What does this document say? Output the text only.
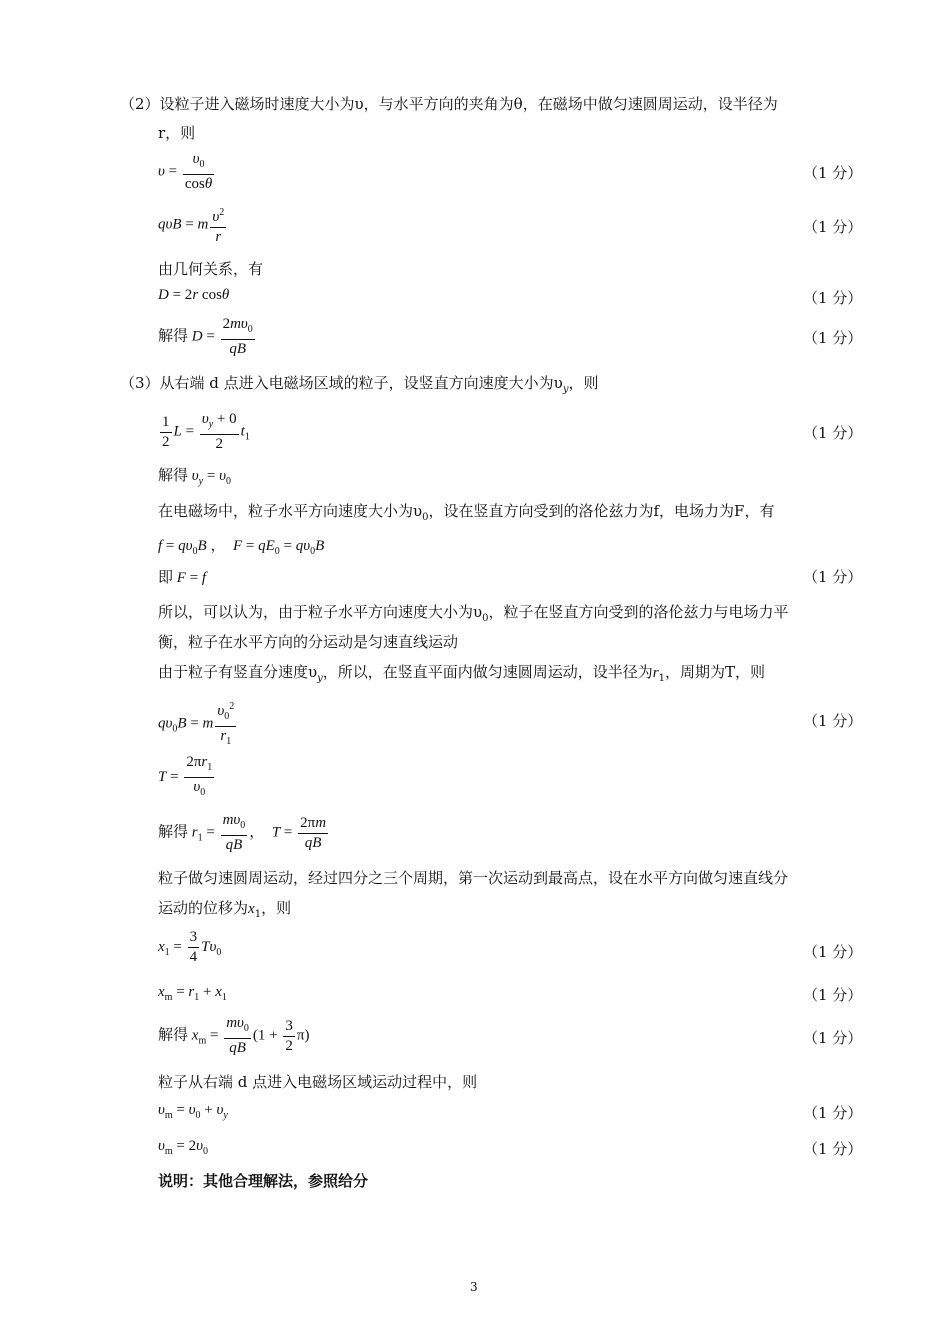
（2）设粒子进入磁场时速度大小为υ，与水平方向的夹角为θ，在磁场中做匀速圆周运动，设半径为
r，则
$\upsilon = \frac{\upsilon_0}{\cos\theta}$	（1 分）
qυB = m $\frac{\upsilon^2}{r}$	（1 分）
由几何关系，有
D = 2r cosθ	（1 分）
解得 $D = \frac{2m\upsilon_0}{qB}$	（1 分）
（3）从右端 d 点进入电磁场区域的粒子，设竖直方向速度大小为$\upsilon_y$，则
$\frac{1}{2}$ $L = \frac{\upsilon_y + 0}{2} t_1$	（1 分）
解得 $\upsilon_y = \upsilon_0$
在电磁场中，粒子水平方向速度大小为$\upsilon_0$，设在竖直方向受到的洛伦兹力为f，电场力为F，有
$f = q\upsilon_0B$ ，  $F = qE_0 = q\upsilon_0B$
即 F = f	（1 分）
所以，可以认为，由于粒子水平方向速度大小为$\upsilon_0$，粒子在竖直方向受到的洛伦兹力与电场力平
衡，粒子在水平方向的分运动是匀速直线运动
由于粒子有竖直分速度$\upsilon_y$，所以，在竖直平面内做匀速圆周运动，设半径为$r_1$，周期为T，则
$q\upsilon_0B = m \frac{\upsilon_0^2}{r_1}$	（1 分）
$T = \frac{2\pi r_1}{\upsilon_0}$
解得 $r_1 = \frac{m\upsilon_0}{qB}$ ，  $T = \frac{2\pi m}{qB}$
粒子做匀速圆周运动，经过四分之三个周期，第一次运动到最高点，设在水平方向做匀速直线分
运动的位移为$x_1$，则
$x_1 = \frac{3}{4} T\upsilon_0$	（1 分）
$x_m = r_1 + x_1$	（1 分）
解得 $x_m = \frac{m\upsilon_0}{qB} (1 + \frac{3}{2} \pi)$	（1 分）
粒子从右端 d 点进入电磁场区域运动过程中，则
$\upsilon_m = \upsilon_0 + \upsilon_y$	（1 分）
$\upsilon_m = 2\upsilon_0$	（1 分）
说明：其他合理解法，参照给分
3
